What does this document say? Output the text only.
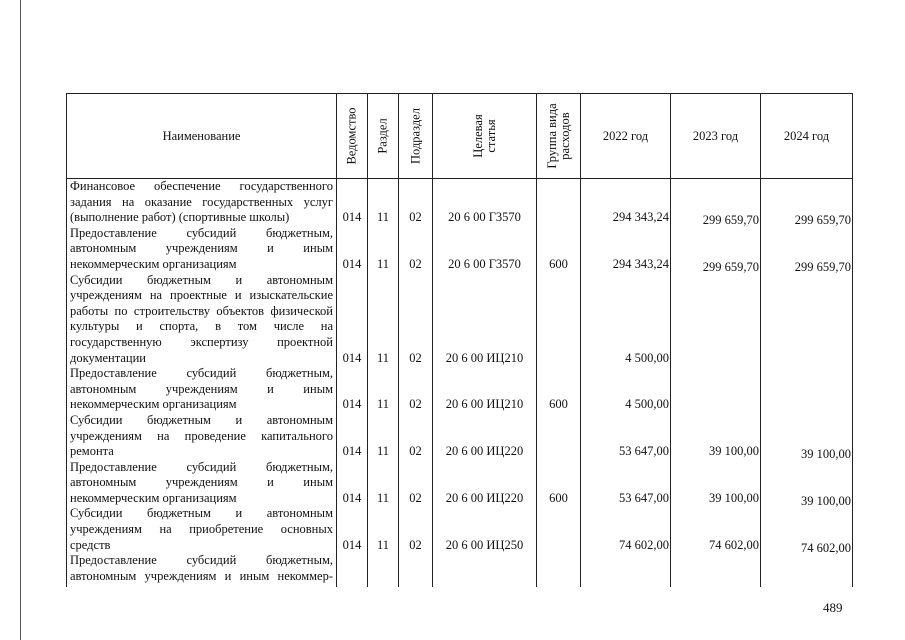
Наименование	Ведомство	Раздел	Подраздел	Целевая статья	Группа вида расходов	2022 год	2023 год	2024 год
Финансовое обеспечение государственного задания на оказание государственных услуг (выполнение работ) (спортивные школы)	014	11	02	20 6 00 Г3570		294 343,24	299 659,70	299 659,70
Предоставление субсидий бюджетным, автономным учреждениям и иным некоммерческим организациям	014	11	02	20 6 00 Г3570	600	294 343,24	299 659,70	299 659,70
Субсидии бюджетным и автономным учреждениям на проектные и изыскательские работы по строительству объектов физической культуры и спорта, в том числе на государственную экспертизу проектной документации	014	11	02	20 6 00 ИЦ210		4 500,00		
Предоставление субсидий бюджетным, автономным учреждениям и иным некоммерческим организациям	014	11	02	20 6 00 ИЦ210	600	4 500,00		
Субсидии бюджетным и автономным учреждениям на проведение капитального ремонта	014	11	02	20 6 00 ИЦ220		53 647,00	39 100,00	39 100,00
Предоставление субсидий бюджетным, автономным учреждениям и иным некоммерческим организациям	014	11	02	20 6 00 ИЦ220	600	53 647,00	39 100,00	39 100,00
Субсидии бюджетным и автономным учреждениям на приобретение основных средств	014	11	02	20 6 00 ИЦ250		74 602,00	74 602,00	74 602,00
Предоставление субсидий бюджетным, автономным учреждениям и иным некоммер-								
489
